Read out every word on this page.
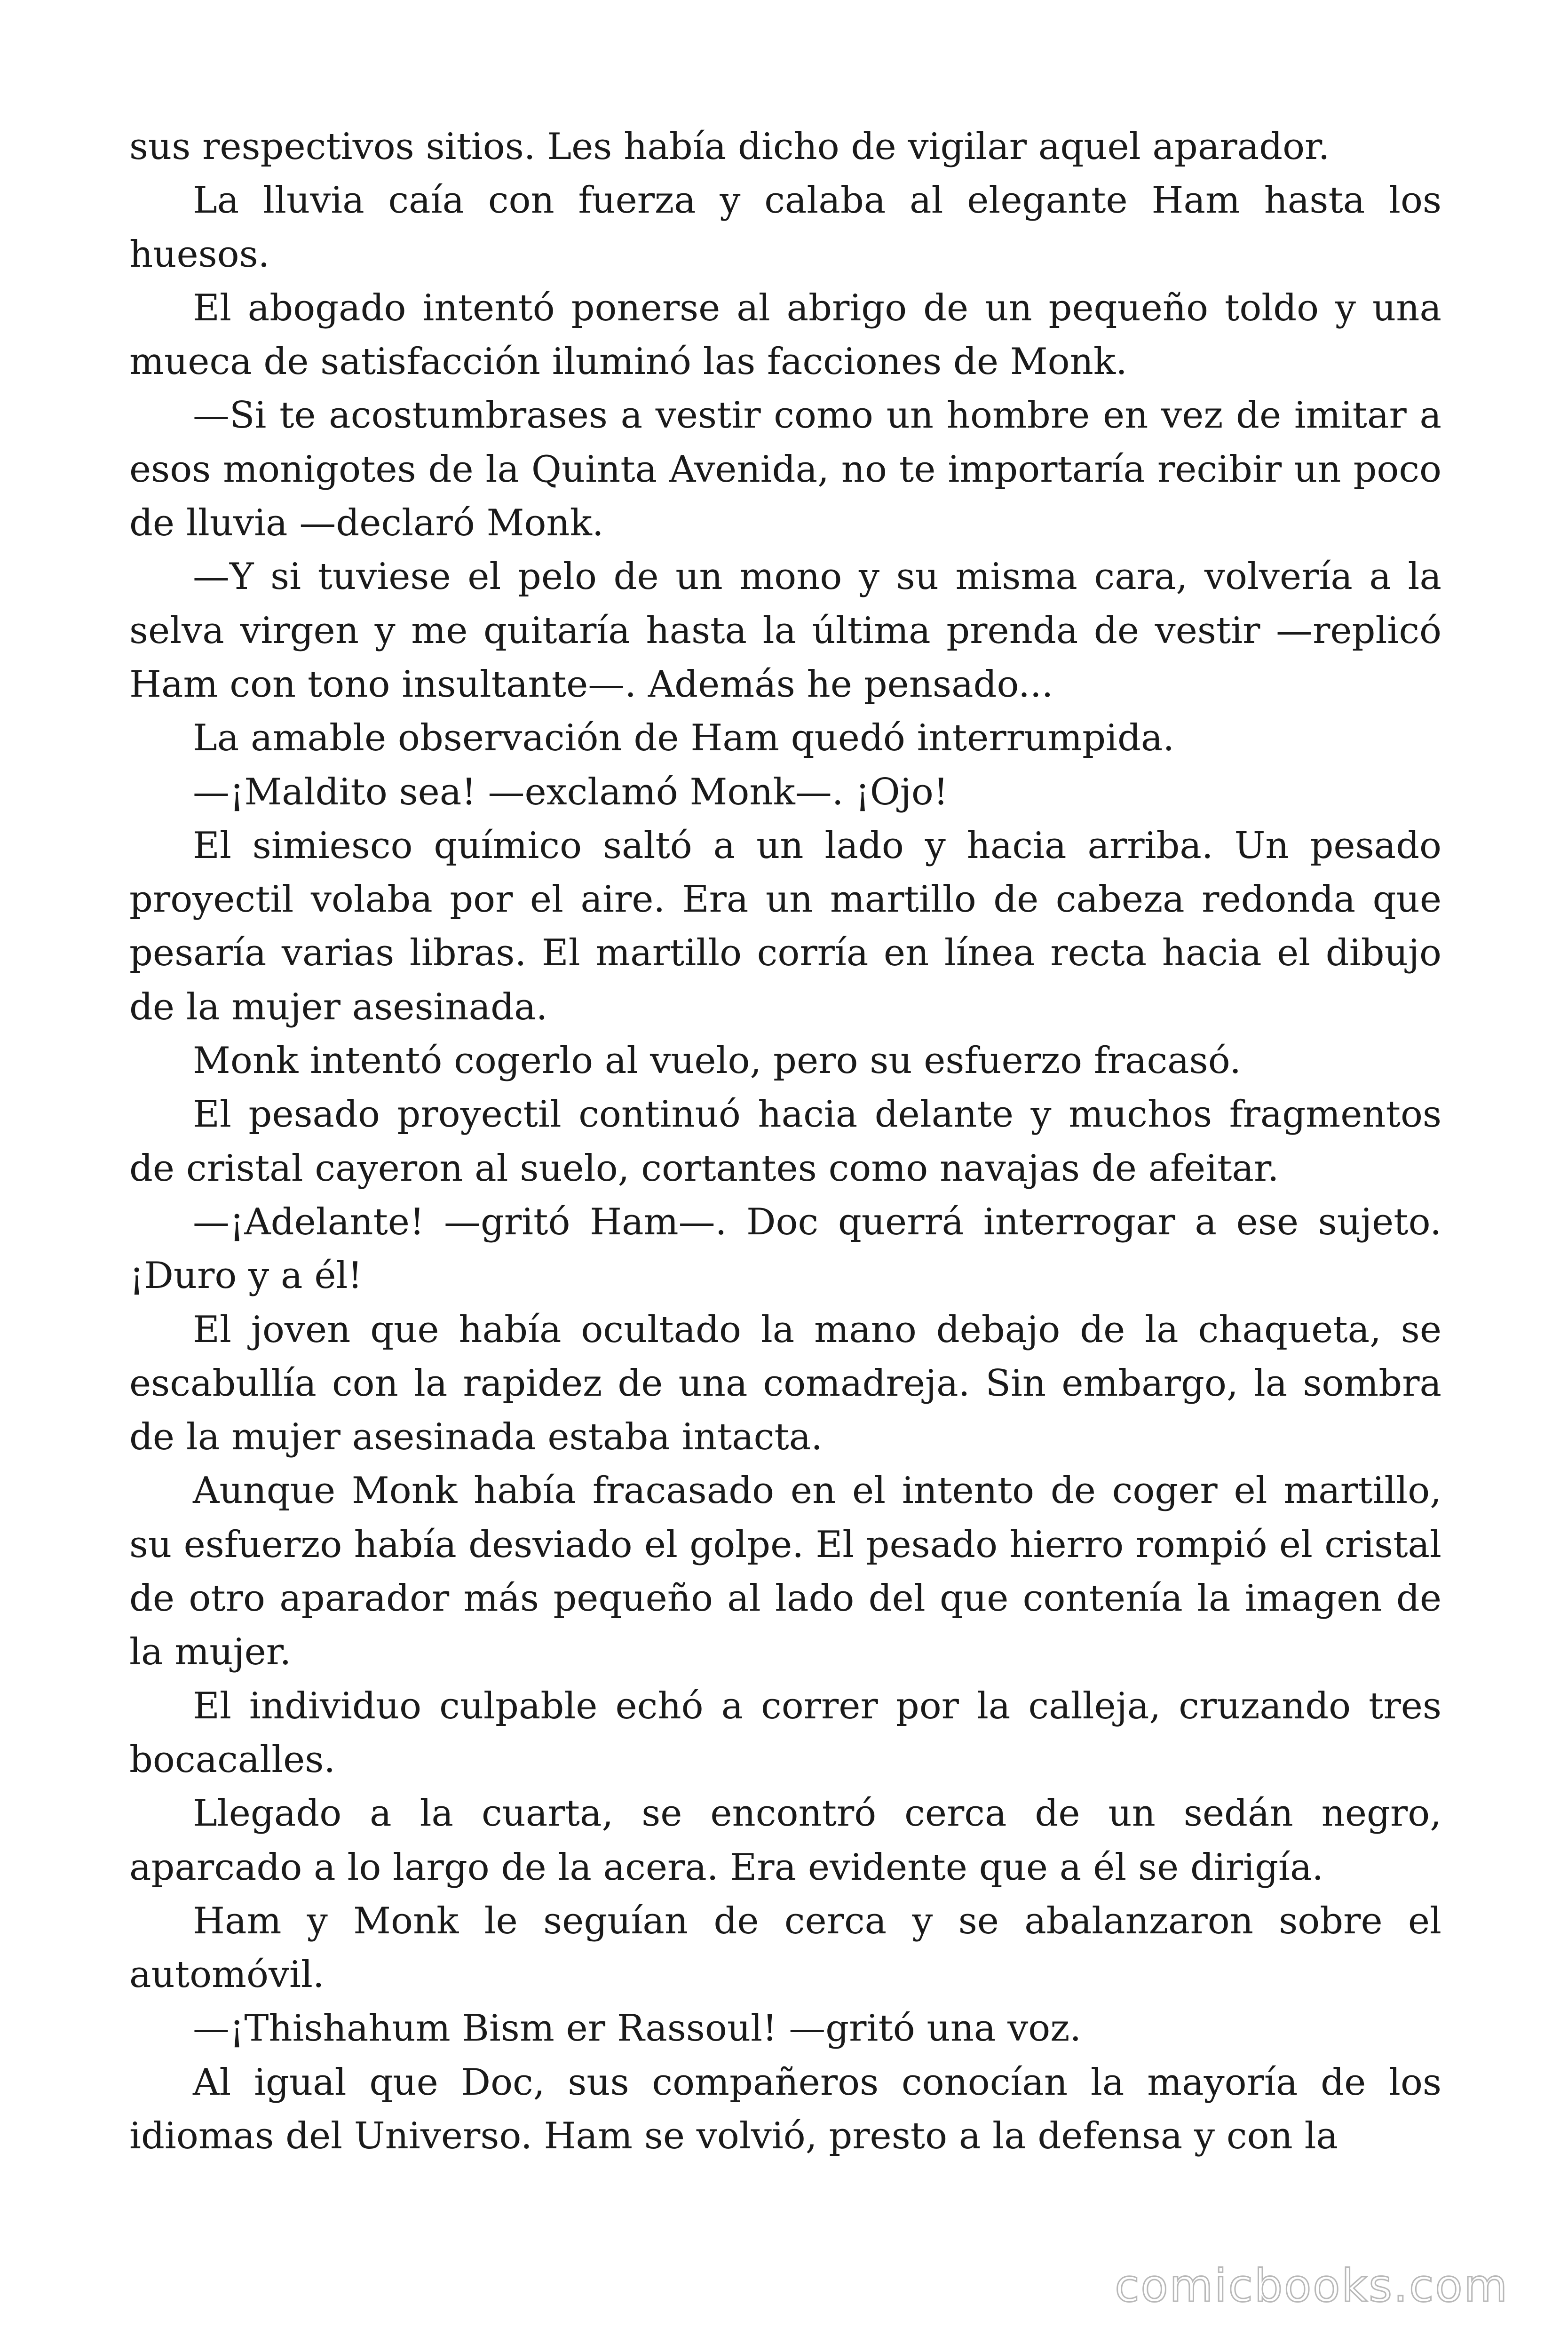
sus respectivos sitios. Les había dicho de vigilar aquel aparador.

La lluvia caía con fuerza y calaba al elegante Ham hasta los huesos.

El abogado intentó ponerse al abrigo de un pequeño toldo y una mueca de satisfacción iluminó las facciones de Monk.

—Si te acostumbrases a vestir como un hombre en vez de imitar a esos monigotes de la Quinta Avenida, no te importaría recibir un poco de lluvia —declaró Monk.

—Y si tuviese el pelo de un mono y su misma cara, volvería a la selva virgen y me quitaría hasta la última prenda de vestir —replicó Ham con tono insultante—. Además he pensado...

La amable observación de Ham quedó interrumpida.

—¡Maldito sea! —exclamó Monk—. ¡Ojo!

El simiesco químico saltó a un lado y hacia arriba. Un pesado proyectil volaba por el aire. Era un martillo de cabeza redonda que pesaría varias libras. El martillo corría en línea recta hacia el dibujo de la mujer asesinada.

Monk intentó cogerlo al vuelo, pero su esfuerzo fracasó.

El pesado proyectil continuó hacia delante y muchos fragmentos de cristal cayeron al suelo, cortantes como navajas de afeitar.

—¡Adelante! —gritó Ham—. Doc querrá interrogar a ese sujeto. ¡Duro y a él!

El joven que había ocultado la mano debajo de la chaqueta, se escabullía con la rapidez de una comadreja. Sin embargo, la sombra de la mujer asesinada estaba intacta.

Aunque Monk había fracasado en el intento de coger el martillo, su esfuerzo había desviado el golpe. El pesado hierro rompió el cristal de otro aparador más pequeño al lado del que contenía la imagen de la mujer.

El individuo culpable echó a correr por la calleja, cruzando tres bocacalles.

Llegado a la cuarta, se encontró cerca de un sedán negro, aparcado a lo largo de la acera. Era evidente que a él se dirigía.

Ham y Monk le seguían de cerca y se abalanzaron sobre el automóvil.

—¡Thishahum Bism er Rassoul! —gritó una voz.

Al igual que Doc, sus compañeros conocían la mayoría de los idiomas del Universo. Ham se volvió, presto a la defensa y con la

comicbooks.com
